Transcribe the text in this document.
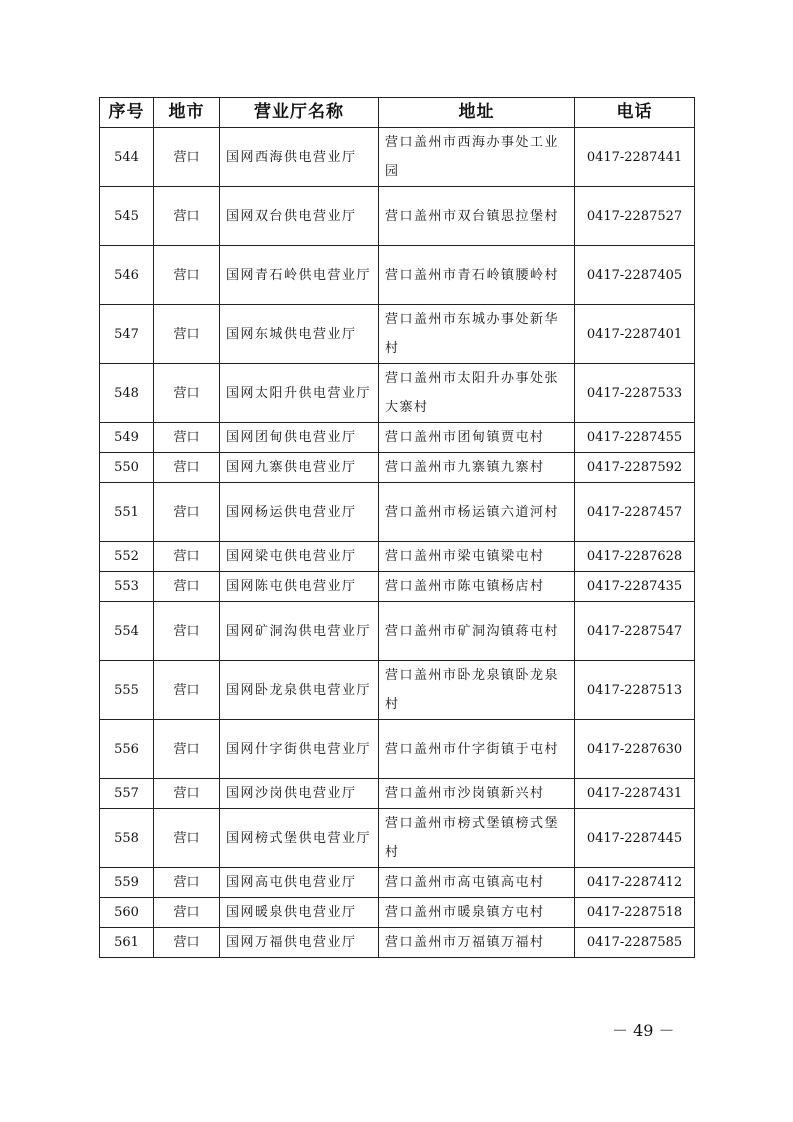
序号	地市	营业厅名称	地址	电话
544	营口	国网西海供电营业厅	营口盖州市西海办事处工业园	0417-2287441
545	营口	国网双台供电营业厅	营口盖州市双台镇思拉堡村	0417-2287527
546	营口	国网青石岭供电营业厅	营口盖州市青石岭镇腰岭村	0417-2287405
547	营口	国网东城供电营业厅	营口盖州市东城办事处新华村	0417-2287401
548	营口	国网太阳升供电营业厅	营口盖州市太阳升办事处张大寨村	0417-2287533
549	营口	国网团甸供电营业厅	营口盖州市团甸镇贾屯村	0417-2287455
550	营口	国网九寨供电营业厅	营口盖州市九寨镇九寨村	0417-2287592
551	营口	国网杨运供电营业厅	营口盖州市杨运镇六道河村	0417-2287457
552	营口	国网梁屯供电营业厅	营口盖州市梁屯镇梁屯村	0417-2287628
553	营口	国网陈屯供电营业厅	营口盖州市陈屯镇杨店村	0417-2287435
554	营口	国网矿洞沟供电营业厅	营口盖州市矿洞沟镇蒋屯村	0417-2287547
555	营口	国网卧龙泉供电营业厅	营口盖州市卧龙泉镇卧龙泉村	0417-2287513
556	营口	国网什字街供电营业厅	营口盖州市什字街镇于屯村	0417-2287630
557	营口	国网沙岗供电营业厅	营口盖州市沙岗镇新兴村	0417-2287431
558	营口	国网榜式堡供电营业厅	营口盖州市榜式堡镇榜式堡村	0417-2287445
559	营口	国网高屯供电营业厅	营口盖州市高屯镇高屯村	0417-2287412
560	营口	国网暖泉供电营业厅	营口盖州市暖泉镇方屯村	0417-2287518
561	营口	国网万福供电营业厅	营口盖州市万福镇万福村	0417-2287585
－ 49 －
